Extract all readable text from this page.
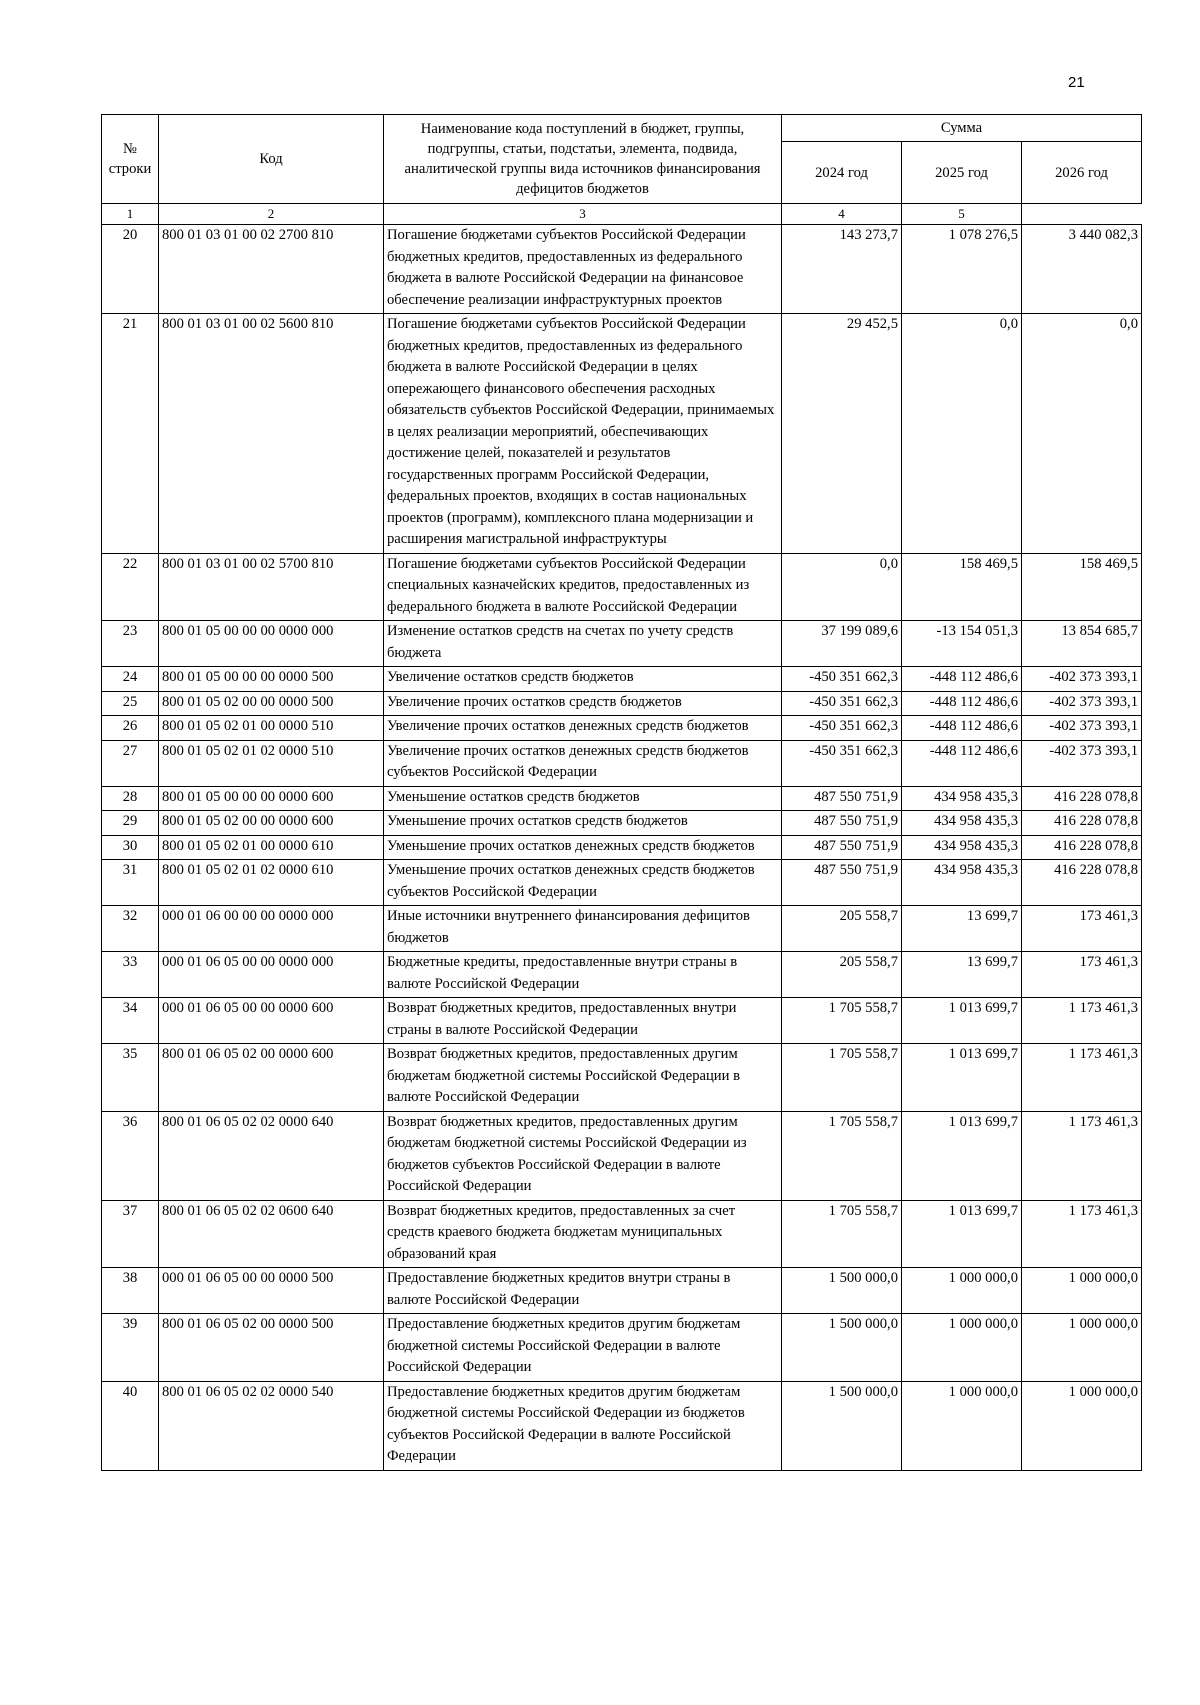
21
№ строки	Код	Наименование кода поступлений в бюджет, группы, подгруппы, статьи, подстатьи, элемента, подвида, аналитической группы вида источников финансирования дефицитов бюджетов	Сумма		
			2024 год	2025 год	2026 год
1	2	3	4	5	
20	800 01 03 01 00 02 2700 810	Погашение бюджетами субъектов Российской Федерации бюджетных кредитов, предоставленных из федерального бюджета в валюте Российской Федерации на финансовое обеспечение реализации инфраструктурных проектов	143 273,7	1 078 276,5	3 440 082,3
21	800 01 03 01 00 02 5600 810	Погашение бюджетами субъектов Российской Федерации бюджетных кредитов, предоставленных из федерального бюджета в валюте Российской Федерации в целях опережающего финансового обеспечения расходных обязательств субъектов Российской Федерации, принимаемых в целях реализации мероприятий, обеспечивающих достижение целей, показателей и результатов государственных программ Российской Федерации, федеральных проектов, входящих в состав национальных проектов (программ), комплексного плана модернизации и расширения магистральной инфраструктуры	29 452,5	0,0	0,0
22	800 01 03 01 00 02 5700 810	Погашение бюджетами субъектов Российской Федерации специальных казначейских кредитов, предоставленных из федерального бюджета в валюте Российской Федерации	0,0	158 469,5	158 469,5
23	800 01 05 00 00 00 0000 000	Изменение остатков средств на счетах по учету средств бюджета	37 199 089,6	-13 154 051,3	13 854 685,7
24	800 01 05 00 00 00 0000 500	Увеличение остатков средств бюджетов	-450 351 662,3	-448 112 486,6	-402 373 393,1
25	800 01 05 02 00 00 0000 500	Увеличение прочих остатков средств бюджетов	-450 351 662,3	-448 112 486,6	-402 373 393,1
26	800 01 05 02 01 00 0000 510	Увеличение прочих остатков денежных средств бюджетов	-450 351 662,3	-448 112 486,6	-402 373 393,1
27	800 01 05 02 01 02 0000 510	Увеличение прочих остатков денежных средств бюджетов субъектов Российской Федерации	-450 351 662,3	-448 112 486,6	-402 373 393,1
28	800 01 05 00 00 00 0000 600	Уменьшение остатков средств бюджетов	487 550 751,9	434 958 435,3	416 228 078,8
29	800 01 05 02 00 00 0000 600	Уменьшение прочих остатков средств бюджетов	487 550 751,9	434 958 435,3	416 228 078,8
30	800 01 05 02 01 00 0000 610	Уменьшение прочих остатков денежных средств бюджетов	487 550 751,9	434 958 435,3	416 228 078,8
31	800 01 05 02 01 02 0000 610	Уменьшение прочих остатков денежных средств бюджетов субъектов Российской Федерации	487 550 751,9	434 958 435,3	416 228 078,8
32	000 01 06 00 00 00 0000 000	Иные источники внутреннего финансирования дефицитов бюджетов	205 558,7	13 699,7	173 461,3
33	000 01 06 05 00 00 0000 000	Бюджетные кредиты, предоставленные внутри страны в валюте Российской Федерации	205 558,7	13 699,7	173 461,3
34	000 01 06 05 00 00 0000 600	Возврат бюджетных кредитов, предоставленных внутри страны в валюте Российской Федерации	1 705 558,7	1 013 699,7	1 173 461,3
35	800 01 06 05 02 00 0000 600	Возврат бюджетных кредитов, предоставленных другим бюджетам бюджетной системы Российской Федерации в валюте Российской Федерации	1 705 558,7	1 013 699,7	1 173 461,3
36	800 01 06 05 02 02 0000 640	Возврат бюджетных кредитов, предоставленных другим бюджетам бюджетной системы Российской Федерации из бюджетов субъектов Российской Федерации в валюте Российской Федерации	1 705 558,7	1 013 699,7	1 173 461,3
37	800 01 06 05 02 02 0600 640	Возврат бюджетных кредитов, предоставленных за счет средств краевого бюджета бюджетам муниципальных образований края	1 705 558,7	1 013 699,7	1 173 461,3
38	000 01 06 05 00 00 0000 500	Предоставление бюджетных кредитов внутри страны в валюте Российской Федерации	1 500 000,0	1 000 000,0	1 000 000,0
39	800 01 06 05 02 00 0000 500	Предоставление бюджетных кредитов другим бюджетам бюджетной системы Российской Федерации в валюте Российской Федерации	1 500 000,0	1 000 000,0	1 000 000,0
40	800 01 06 05 02 02 0000 540	Предоставление бюджетных кредитов другим бюджетам бюджетной системы Российской Федерации из бюджетов субъектов Российской Федерации в валюте Российской Федерации	1 500 000,0	1 000 000,0	1 000 000,0
